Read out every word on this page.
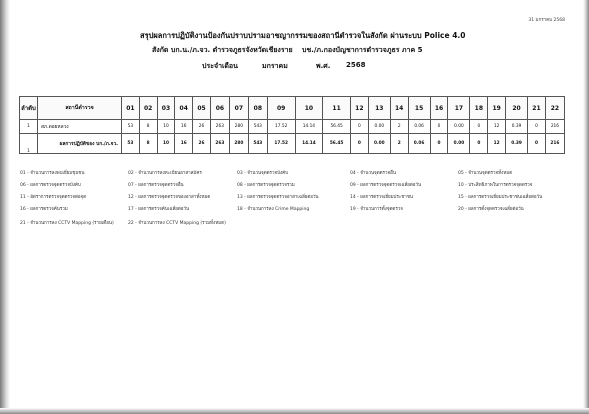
31 มกราคม 2568
สรุปผลการปฏิบัติงานป้องกันปราบปรามอาชญากรรมของสถานีตำรวจในสังกัด ผ่านระบบ Police 4.0
สังกัด บก.น./ภ.จว. ตำรวจภูธรจังหวัดเชียงราย บช./ภ.กองบัญชาการตำรวจภูธร ภาค 5
ประจำเดือน	มกราคม	พ.ศ. 2568
ลำดับ	สถานีตำรวจ	01	02	03	04	05	06	07	08	09	10	11	12	13	14	15	16	17	18	19	20	21	22
1	สภ.ดอยหลวง	53	8	10	16	26	263	280	543	17.52	14.14	56.45	0	0.00	2	0.06	0	0.00	0	12	0.39	0	216
1	ผลการปฏิบัติของ บก./ภ.จว.	53	8	10	16	26	263	280	543	17.52	14.14	56.45	0	0.00	2	0.06	0	0.00	0	12	0.39	0	216
01 - จำนวนการลงพบเยี่ยมชุมชน	02 - จำนวนการลงทะเบียนอาสาสมัคร	03 - จำนวนจุดตรวจบังคับ	04 - จำนวนจุดตรวจอื่น	05 - จำนวนจุดตรวจทั้งหมด
06 - ผลการตรวจจุดตรวจบังคับ	07 - ผลการตรวจจุดตรวจอื่น	08 - ผลการตรวจจุดตรวจรวม	09 - ผลการตรวจจุดตรวจเฉลี่ยต่อวัน	10 - ประสิทธิภาพในการตรวจจุดตรวจ
11 - อัตราการตรวจจุดตรวจต่อจุด	12 - ผลการตรวจจุดตรวจของอาสาทั้งหมด	13 - ผลการตรวจจุดตรวจอาสาเฉลี่ยต่อวัน	14 - ผลการตรวจเยี่ยมประชาชน	15 - ผลการตรวจเยี่ยมประชาชนเฉลี่ยต่อวัน
16 - ผลการตรวจค้นรวม	17 - ผลการตรวจค้นเฉลี่ยต่อวัน	18 - จำนวนการลง Crime Mapping	19 - จำนวนการตั้งจุดตรวจ	20 - ผลการตั้งจุดตรวจเฉลี่ยต่อวัน
21 - จำนวนการลง CCTV Mapping (รายเดือน)	22 - จำนวนการลง CCTV Mapping (รวมทั้งหมด)
